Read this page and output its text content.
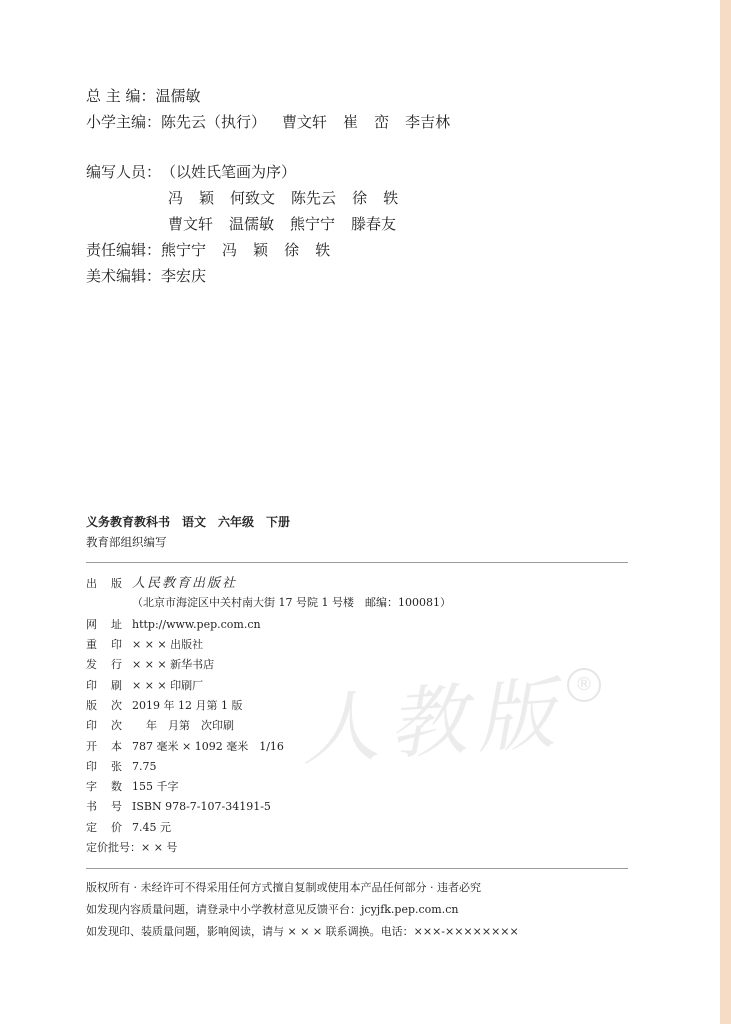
总 主 编：温儒敏
小学主编：陈先云（执行） 曹文轩 崔 峦 李吉林
编写人员：（以姓氏笔画为序）
冯 颖 何致文 陈先云 徐 轶
曹文轩 温儒敏 熊宁宁 滕春友
责任编辑：熊宁宁 冯 颖 徐 轶
美术编辑：李宏庆
义务教育教科书 语文 六年级 下册
教育部组织编写
人教版 ®
出版 人民教育出版社
（北京市海淀区中关村南大街 17 号院 1 号楼　邮编：100081）
网址 http://www.pep.com.cn
重印 × × × 出版社
发行 × × × 新华书店
印刷 × × × 印刷厂
版次 2019 年 12 月第 1 版
印次 年　月第　次印刷
开本 787 毫米 × 1092 毫米　1/16
印张 7.75
字数 155 千字
书号 ISBN 978-7-107-34191-5
定价 7.45 元
定价批号：× × 号
版权所有 · 未经许可不得采用任何方式擅自复制或使用本产品任何部分 · 违者必究
如发现内容质量问题，请登录中小学教材意见反馈平台：jcyjfk.pep.com.cn
如发现印、装质量问题，影响阅读，请与 × × × 联系调换。电话：×××-××××××××
